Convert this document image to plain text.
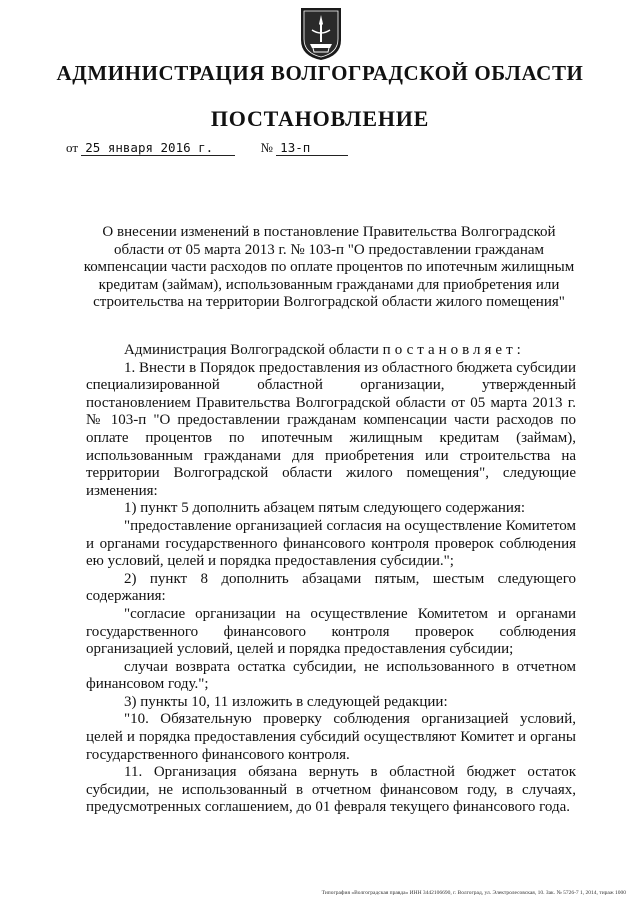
АДМИНИСТРАЦИЯ ВОЛГОГРАДСКОЙ ОБЛАСТИ
ПОСТАНОВЛЕНИЕ
от 25 января 2016 г.	№ 13-п
О внесении изменений в постановление Правительства Волгоградской области от 05 марта 2013 г. № 103-п "О предоставлении гражданам компенсации части расходов по оплате процентов по ипотечным жилищным кредитам (займам), использованным гражданами для приобретения или строительства на территории Волгоградской области жилого помещения"

Администрация Волгоградской области постановляет:

1. Внести в Порядок предоставления из областного бюджета субсидии специализированной областной организации, утвержденный постановлением Правительства Волгоградской области от 05 марта 2013 г. № 103-п "О предоставлении гражданам компенсации части расходов по оплате процентов по ипотечным жилищным кредитам (займам), использованным гражданами для приобретения или строительства на территории Волгоградской области жилого помещения", следующие изменения:

1) пункт 5 дополнить абзацем пятым следующего содержания:

"предоставление организацией согласия на осуществление Комитетом и органами государственного финансового контроля проверок соблюдения ею условий, целей и порядка предоставления субсидии.";

2) пункт 8 дополнить абзацами пятым, шестым следующего содержания:

"согласие организации на осуществление Комитетом и органами государственного финансового контроля проверок соблюдения организацией условий, целей и порядка предоставления субсидии;

случаи возврата остатка субсидии, не использованного в отчетном финансовом году.";

3) пункты 10, 11 изложить в следующей редакции:

"10. Обязательную проверку соблюдения организацией условий, целей и порядка предоставления субсидий осуществляют Комитет и органы государственного финансового контроля.

11. Организация обязана вернуть в областной бюджет остаток субсидии, не использованный в отчетном финансовом году, в случаях, предусмотренных соглашением, до 01 февраля текущего финансового года.

Типография «Волгоградская правда» ИНН 3442106690, г. Волгоград, ул. Электролесовская, 10. Зак. № 5726-7 1, 2014, тираж 1000
